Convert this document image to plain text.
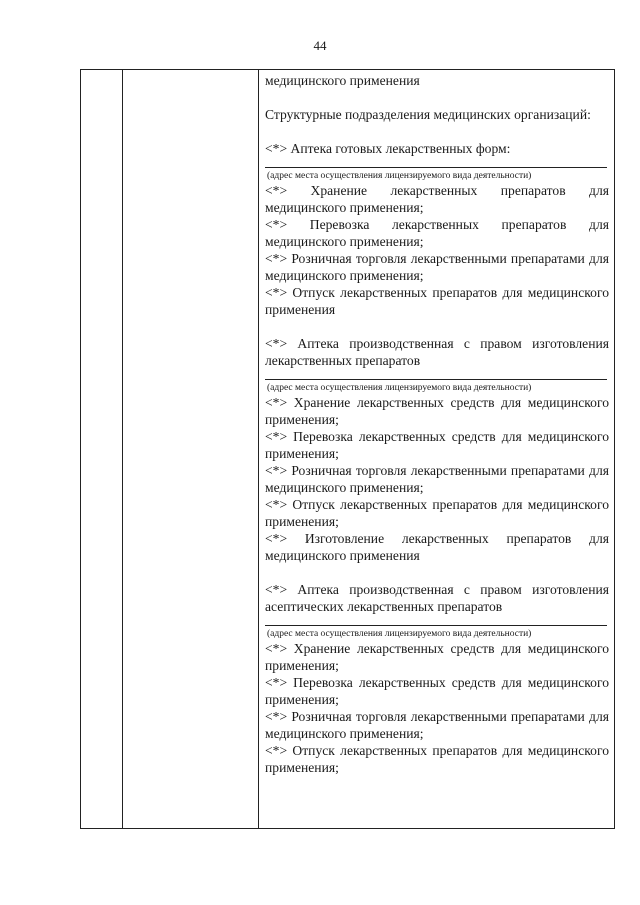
44

медицинского применения

Структурные подразделения медицинских организаций:

<*> Аптека готовых лекарственных форм:

(адрес места осуществления лицензируемого вида деятельности)

<*> Хранение лекарственных препаратов для медицинского применения;

<*> Перевозка лекарственных препаратов для медицинского применения;

<*> Розничная торговля лекарственными препаратами для медицинского применения;

<*> Отпуск лекарственных препаратов для медицинского применения

<*> Аптека производственная с правом изготовления лекарственных препаратов

(адрес места осуществления лицензируемого вида деятельности)

<*> Хранение лекарственных средств для медицинского применения;

<*> Перевозка лекарственных средств для медицинского применения;

<*> Розничная торговля лекарственными препаратами для медицинского применения;

<*> Отпуск лекарственных препаратов для медицинского применения;

<*> Изготовление лекарственных препаратов для медицинского применения

<*> Аптека производственная с правом изготовления асептических лекарственных препаратов

(адрес места осуществления лицензируемого вида деятельности)

<*> Хранение лекарственных средств для медицинского применения;

<*> Перевозка лекарственных средств для медицинского применения;

<*> Розничная торговля лекарственными препаратами для медицинского применения;

<*> Отпуск лекарственных препаратов для медицинского применения;
